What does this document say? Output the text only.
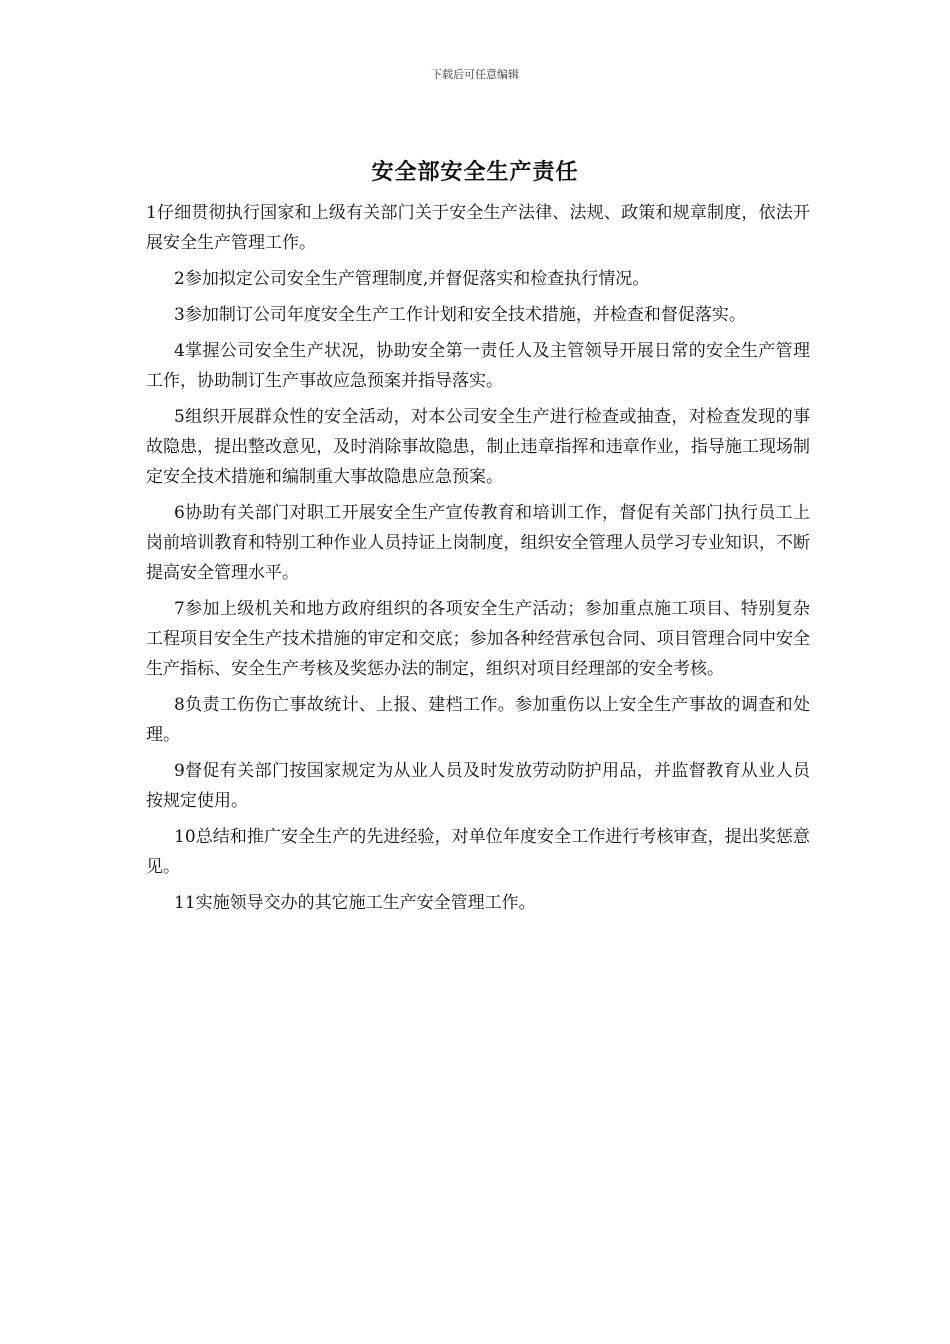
下载后可任意编辑
安全部安全生产责任

1仔细贯彻执行国家和上级有关部门关于安全生产法律、法规、政策和规章制度，依法开展安全生产管理工作。

2参加拟定公司安全生产管理制度,并督促落实和检查执行情况。

3参加制订公司年度安全生产工作计划和安全技术措施，并检查和督促落实。

4掌握公司安全生产状况，协助安全第一责任人及主管领导开展日常的安全生产管理工作，协助制订生产事故应急预案并指导落实。

5组织开展群众性的安全活动，对本公司安全生产进行检查或抽查，对检查发现的事故隐患，提出整改意见，及时消除事故隐患，制止违章指挥和违章作业，指导施工现场制定安全技术措施和编制重大事故隐患应急预案。

6协助有关部门对职工开展安全生产宣传教育和培训工作，督促有关部门执行员工上岗前培训教育和特别工种作业人员持证上岗制度，组织安全管理人员学习专业知识，不断提高安全管理水平。

7参加上级机关和地方政府组织的各项安全生产活动；参加重点施工项目、特别复杂工程项目安全生产技术措施的审定和交底；参加各种经营承包合同、项目管理合同中安全生产指标、安全生产考核及奖惩办法的制定，组织对项目经理部的安全考核。

8负责工伤伤亡事故统计、上报、建档工作。参加重伤以上安全生产事故的调查和处理。

9督促有关部门按国家规定为从业人员及时发放劳动防护用品，并监督教育从业人员按规定使用。

10总结和推广安全生产的先进经验，对单位年度安全工作进行考核审查，提出奖惩意见。

11实施领导交办的其它施工生产安全管理工作。
